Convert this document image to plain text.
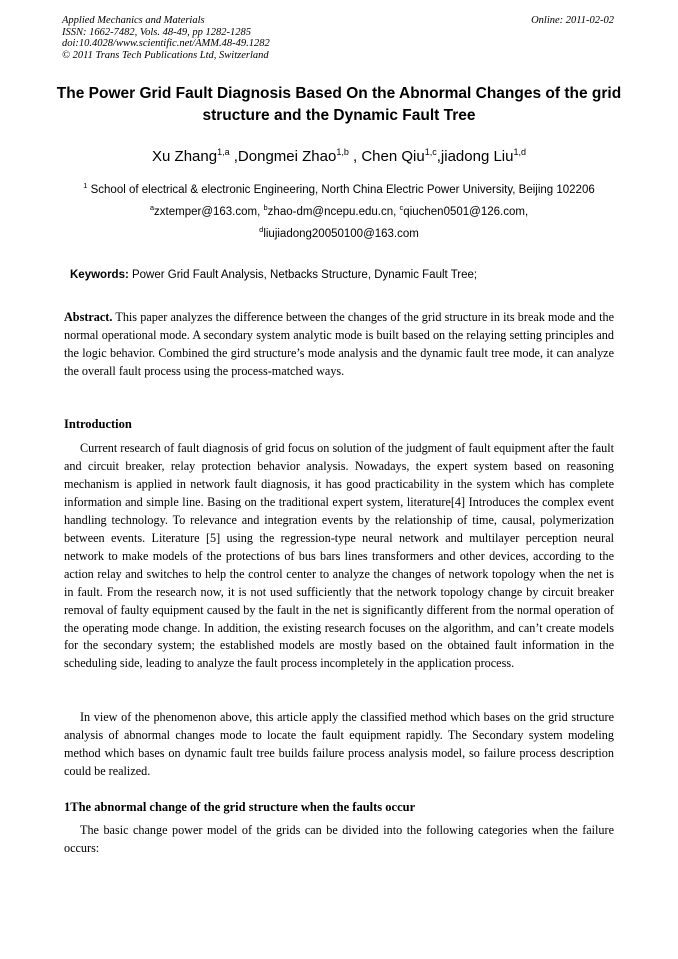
Applied Mechanics and Materials
ISSN: 1662-7482, Vols. 48-49, pp 1282-1285
doi:10.4028/www.scientific.net/AMM.48-49.1282
© 2011 Trans Tech Publications Ltd, Switzerland
Online: 2011-02-02
The Power Grid Fault Diagnosis Based On the Abnormal Changes of the grid structure and the Dynamic Fault Tree
Xu Zhang$^{1,a}$ ,Dongmei Zhao$^{1,b}$ , Chen Qiu$^{1,c}$,jiadong Liu$^{1,d}$
$^1$ School of electrical & electronic Engineering, North China Electric Power University, Beijing 102206
$^a$zxtemper@163.com, $^b$zhao-dm@ncepu.edu.cn, $^c$qiuchen0501@126.com,
$^d$liujiadong20050100@163.com
Keywords: Power Grid Fault Analysis, Netbacks Structure, Dynamic Fault Tree;
Abstract. This paper analyzes the difference between the changes of the grid structure in its break mode and the normal operational mode. A secondary system analytic mode is built based on the relaying setting principles and the logic behavior. Combined the gird structure’s mode analysis and the dynamic fault tree mode, it can analyze the overall fault process using the process-matched ways.
Introduction
Current research of fault diagnosis of grid focus on solution of the judgment of fault equipment after the fault and circuit breaker, relay protection behavior analysis. Nowadays, the expert system based on reasoning mechanism is applied in network fault diagnosis, it has good practicability in the system which has complete information and simple line. Basing on the traditional expert system, literature[4] Introduces the complex event handling technology. To relevance and integration events by the relationship of time, causal, polymerization between events. Literature [5] using the regression-type neural network and multilayer perception neural network to make models of the protections of bus bars lines transformers and other devices, according to the action relay and switches to help the control center to analyze the changes of network topology when the net is in fault. From the research now, it is not used sufficiently that the network topology change by circuit breaker removal of faulty equipment caused by the fault in the net is significantly different from the normal operation of the operating mode change. In addition, the existing research focuses on the algorithm, and can’t create models for the secondary system; the established models are mostly based on the obtained fault information in the scheduling side, leading to analyze the fault process incompletely in the application process.
In view of the phenomenon above, this article apply the classified method which bases on the grid structure analysis of abnormal changes mode to locate the fault equipment rapidly. The Secondary system modeling method which bases on dynamic fault tree builds failure process analysis model, so failure process description could be realized.
1The abnormal change of the grid structure when the faults occur
The basic change power model of the grids can be divided into the following categories when the failure occurs:
